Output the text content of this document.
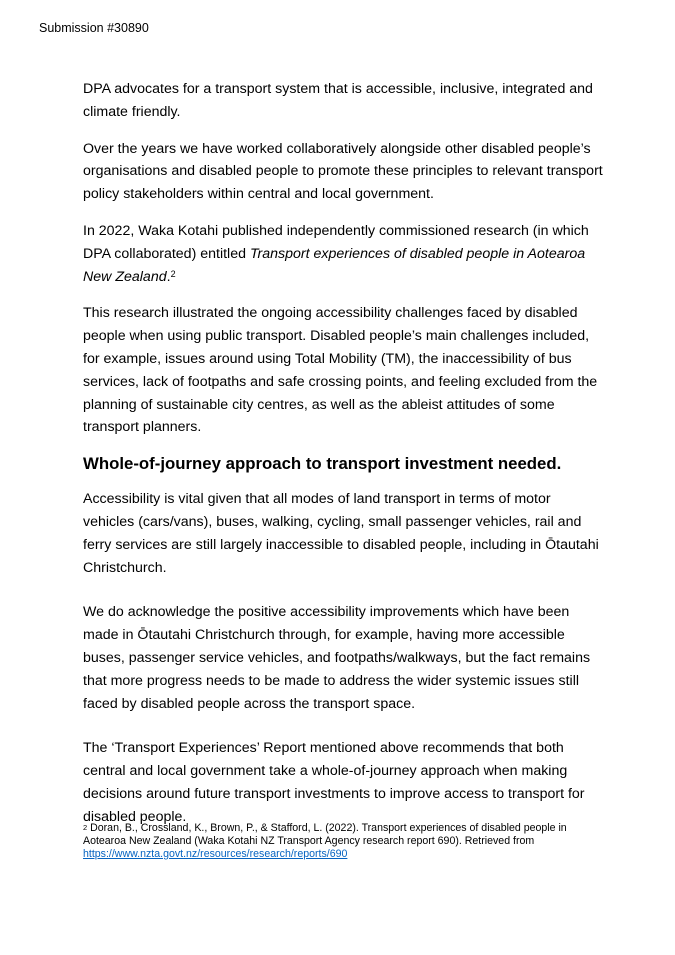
Submission #30890

DPA advocates for a transport system that is accessible, inclusive, integrated and climate friendly.

Over the years we have worked collaboratively alongside other disabled people’s organisations and disabled people to promote these principles to relevant transport policy stakeholders within central and local government.

In 2022, Waka Kotahi published independently commissioned research (in which DPA collaborated) entitled Transport experiences of disabled people in Aotearoa New Zealand.$^2$

This research illustrated the ongoing accessibility challenges faced by disabled people when using public transport. Disabled people’s main challenges included, for example, issues around using Total Mobility (TM), the inaccessibility of bus services, lack of footpaths and safe crossing points, and feeling excluded from the planning of sustainable city centres, as well as the ableist attitudes of some transport planners.

Whole-of-journey approach to transport investment needed.

Accessibility is vital given that all modes of land transport in terms of motor vehicles (cars/vans), buses, walking, cycling, small passenger vehicles, rail and ferry services are still largely inaccessible to disabled people, including in Ōtautahi Christchurch.

We do acknowledge the positive accessibility improvements which have been made in Ōtautahi Christchurch through, for example, having more accessible buses, passenger service vehicles, and footpaths/walkways, but the fact remains that more progress needs to be made to address the wider systemic issues still faced by disabled people across the transport space.

The ‘Transport Experiences’ Report mentioned above recommends that both central and local government take a whole-of-journey approach when making decisions around future transport investments to improve access to transport for disabled people.

$^2$ Doran, B., Crossland, K., Brown, P., & Stafford, L. (2022). Transport experiences of disabled people in Aotearoa New Zealand (Waka Kotahi NZ Transport Agency research report 690). Retrieved from https://www.nzta.govt.nz/resources/research/reports/690
